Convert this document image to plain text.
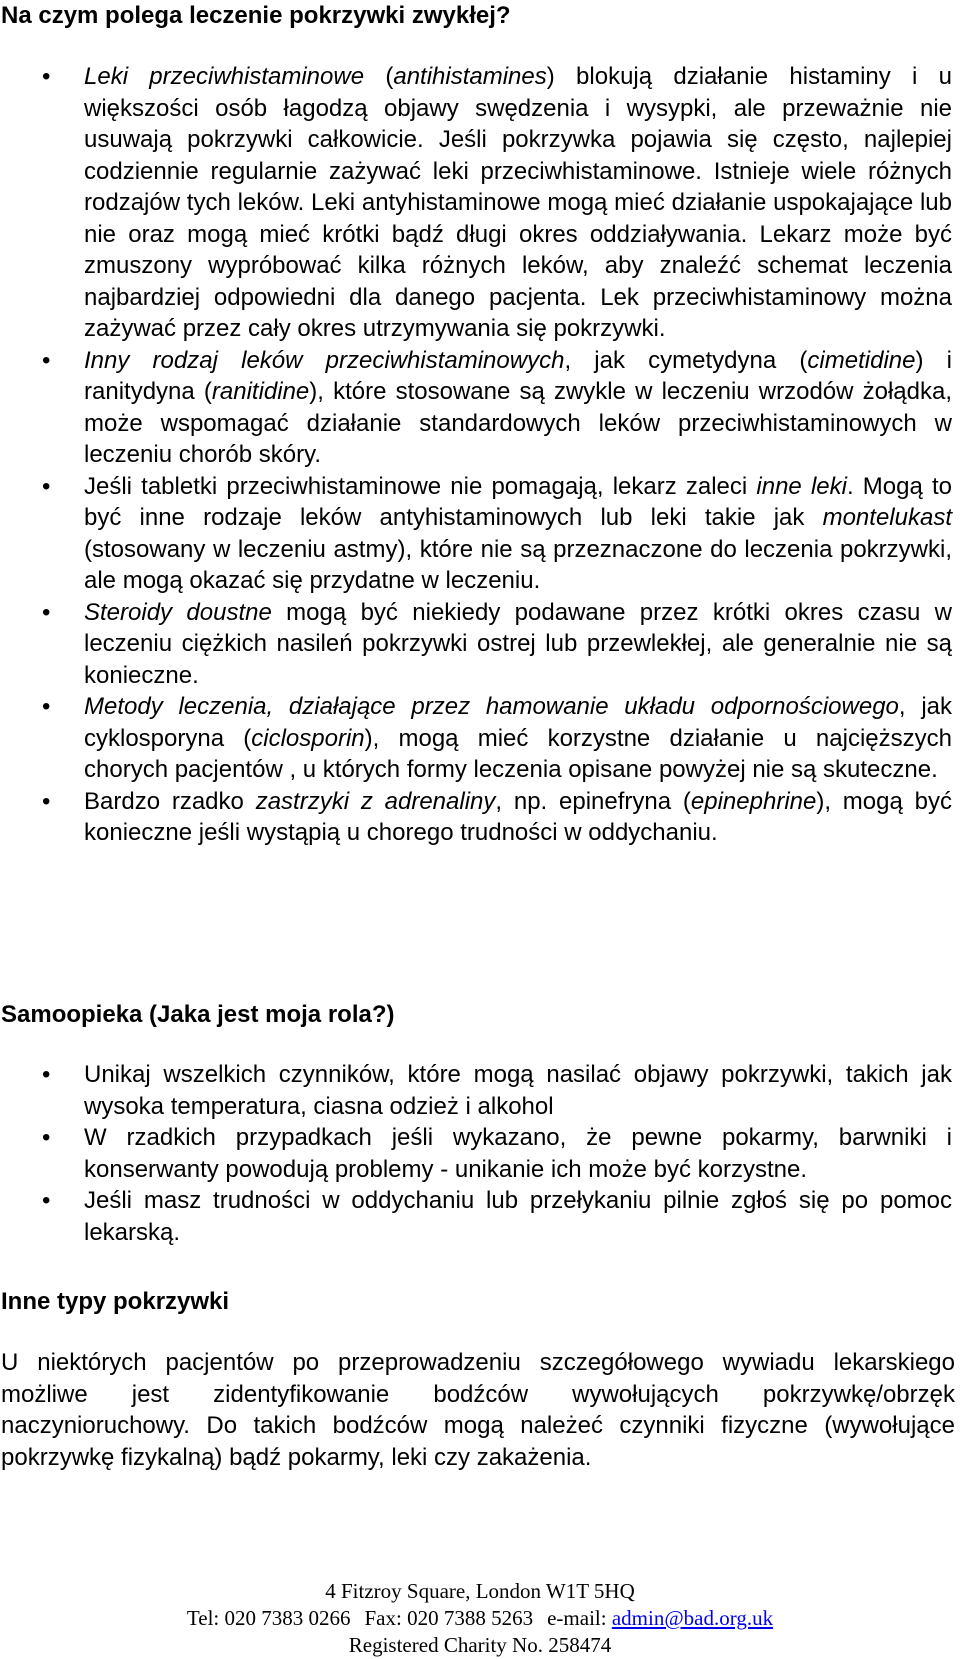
Na czym polega leczenie pokrzywki zwykłej?
• Leki przeciwhistaminowe (antihistamines) blokują działanie histaminy i u większości osób łagodzą objawy swędzenia i wysypki, ale przeważnie nie usuwają pokrzywki całkowicie. Jeśli pokrzywka pojawia się często, najlepiej codziennie regularnie zażywać leki przeciwhistaminowe. Istnieje wiele różnych rodzajów tych leków. Leki antyhistaminowe mogą mieć działanie uspokajające lub nie oraz mogą mieć krótki bądź długi okres oddziaływania. Lekarz może być zmuszony wypróbować kilka różnych leków, aby znaleźć schemat leczenia najbardziej odpowiedni dla danego pacjenta. Lek przeciwhistaminowy można zażywać przez cały okres utrzymywania się pokrzywki.
• Inny rodzaj leków przeciwhistaminowych, jak cymetydyna (cimetidine) i ranitydyna (ranitidine), które stosowane są zwykle w leczeniu wrzodów żołądka, może wspomagać działanie standardowych leków przeciwhistaminowych w leczeniu chorób skóry.
• Jeśli tabletki przeciwhistaminowe nie pomagają, lekarz zaleci inne leki. Mogą to być inne rodzaje leków antyhistaminowych lub leki takie jak montelukast (stosowany w leczeniu astmy), które nie są przeznaczone do leczenia pokrzywki, ale mogą okazać się przydatne w leczeniu.
• Steroidy doustne mogą być niekiedy podawane przez krótki okres czasu w leczeniu ciężkich nasileń pokrzywki ostrej lub przewlekłej, ale generalnie nie są konieczne.
• Metody leczenia, działające przez hamowanie układu odpornościowego, jak cyklosporyna (ciclosporin), mogą mieć korzystne działanie u najcięższych chorych pacjentów , u których formy leczenia opisane powyżej nie są skuteczne.
• Bardzo rzadko zastrzyki z adrenaliny, np. epinefryna (epinephrine), mogą być konieczne jeśli wystąpią u chorego trudności w oddychaniu.
Samoopieka (Jaka jest moja rola?)
• Unikaj wszelkich czynników, które mogą nasilać objawy pokrzywki, takich jak wysoka temperatura, ciasna odzież i alkohol
• W rzadkich przypadkach jeśli wykazano, że pewne pokarmy, barwniki i konserwanty powodują problemy - unikanie ich może być korzystne.
• Jeśli masz trudności w oddychaniu lub przełykaniu pilnie zgłoś się po pomoc lekarską.
Inne typy pokrzywki

U niektórych pacjentów po przeprowadzeniu szczegółowego wywiadu lekarskiego możliwe jest zidentyfikowanie bodźców wywołujących pokrzywkę/obrzęk naczynioruchowy. Do takich bodźców mogą należeć czynniki fizyczne (wywołujące pokrzywkę fizykalną) bądź pokarmy, leki czy zakażenia.

4 Fitzroy Square, London W1T 5HQ
Tel: 020 7383 0266 Fax: 020 7388 5263 e-mail: admin@bad.org.uk
Registered Charity No. 258474
